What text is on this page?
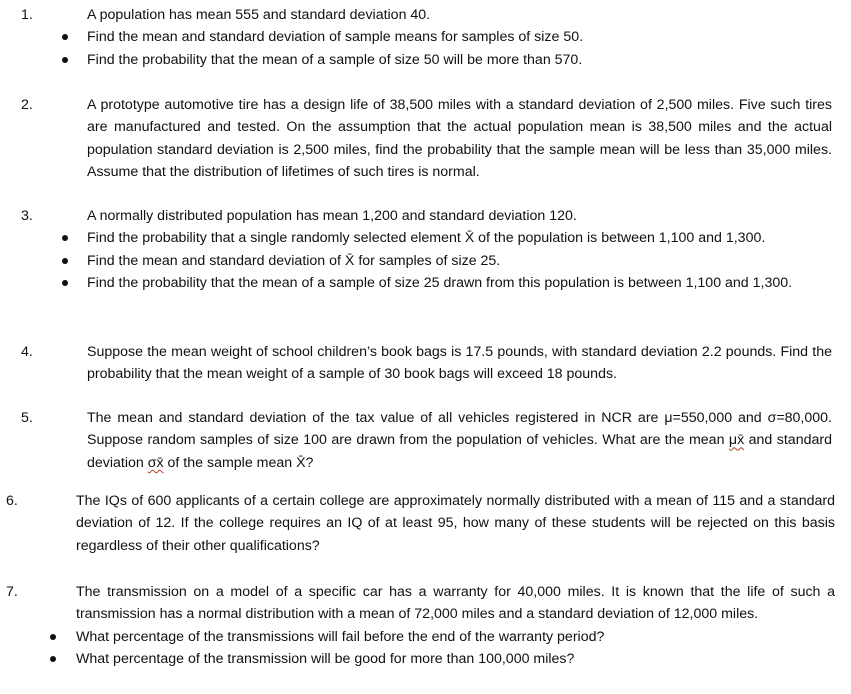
1.	A population has mean 555 and standard deviation 40.

Find the mean and standard deviation of sample means for samples of size 50.
Find the probability that the mean of a sample of size 50 will be more than 570.
2.	A prototype automotive tire has a design life of 38,500 miles with a standard deviation of 2,500 miles. Five such tires are manufactured and tested. On the assumption that the actual population mean is 38,500 miles and the actual population standard deviation is 2,500 miles, find the probability that the sample mean will be less than 35,000 miles. Assume that the distribution of lifetimes of such tires is normal.

3.	A normally distributed population has mean 1,200 and standard deviation 120.

Find the probability that a single randomly selected element X̄ of the population is between 1,100 and 1,300.
Find the mean and standard deviation of X̄ for samples of size 25.
Find the probability that the mean of a sample of size 25 drawn from this population is between 1,100 and 1,300.
4.	Suppose the mean weight of school children’s book bags is 17.5 pounds, with standard deviation 2.2 pounds. Find the probability that the mean weight of a sample of 30 book bags will exceed 18 pounds.

5.	The mean and standard deviation of the tax value of all vehicles registered in NCR are μ=550,000 and σ=80,000. Suppose random samples of size 100 are drawn from the population of vehicles. What are the mean μx̄ and standard deviation σx̄ of the sample mean X̄?

6.	The IQs of 600 applicants of a certain college are approximately normally distributed with a mean of 115 and a standard deviation of 12. If the college requires an IQ of at least 95, how many of these students will be rejected on this basis regardless of their other qualifications?

7.	The transmission on a model of a specific car has a warranty for 40,000 miles. It is known that the life of such a transmission has a normal distribution with a mean of 72,000 miles and a standard deviation of 12,000 miles.

What percentage of the transmissions will fail before the end of the warranty period?
What percentage of the transmission will be good for more than 100,000 miles?
